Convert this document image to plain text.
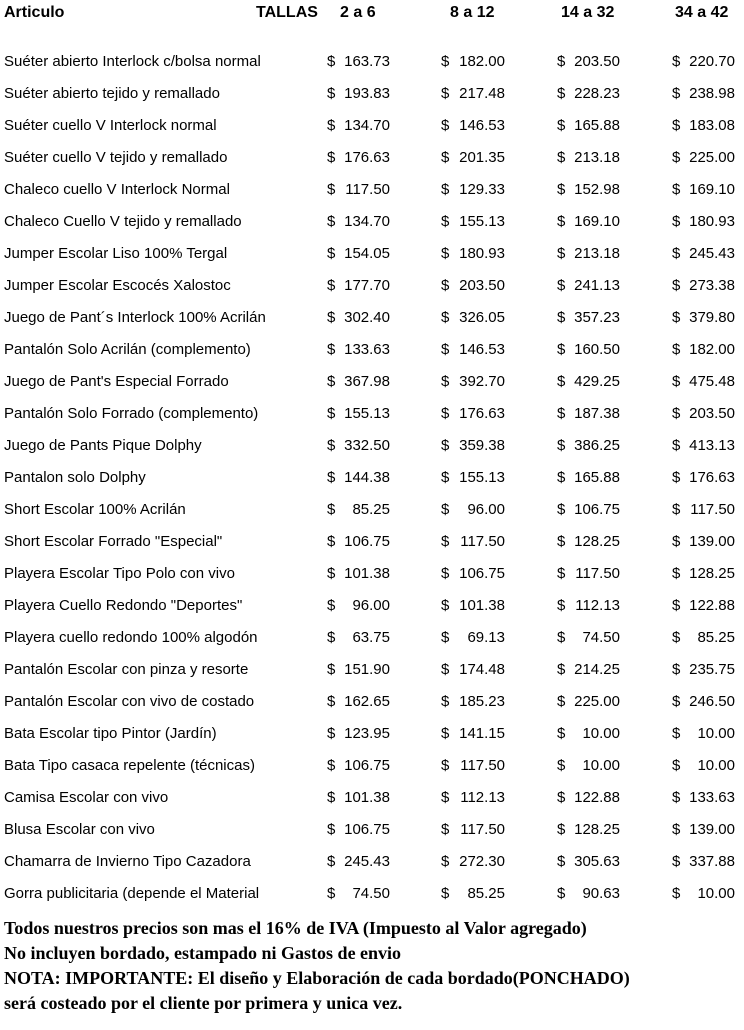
Articulo	TALLAS 2 a 6	8 a 12	14 a 32	34 a 42
Suéter abierto Interlock c/bolsa normal	$ 163.73	$ 182.00	$ 203.50	$ 220.70
Suéter abierto tejido y remallado	$ 193.83	$ 217.48	$ 228.23	$ 238.98
Suéter cuello V Interlock normal	$ 134.70	$ 146.53	$ 165.88	$ 183.08
Suéter cuello V tejido y remallado	$ 176.63	$ 201.35	$ 213.18	$ 225.00
Chaleco cuello V Interlock Normal	$ 117.50	$ 129.33	$ 152.98	$ 169.10
Chaleco Cuello V tejido y remallado	$ 134.70	$ 155.13	$ 169.10	$ 180.93
Jumper Escolar Liso 100% Tergal	$ 154.05	$ 180.93	$ 213.18	$ 245.43
Jumper Escolar Escocés Xalostoc	$ 177.70	$ 203.50	$ 241.13	$ 273.38
Juego de Pant´s Interlock 100% Acrilán	$ 302.40	$ 326.05	$ 357.23	$ 379.80
Pantalón Solo Acrilán (complemento)	$ 133.63	$ 146.53	$ 160.50	$ 182.00
Juego de Pant's Especial Forrado	$ 367.98	$ 392.70	$ 429.25	$ 475.48
Pantalón Solo Forrado (complemento)	$ 155.13	$ 176.63	$ 187.38	$ 203.50
Juego de Pants Pique Dolphy	$ 332.50	$ 359.38	$ 386.25	$ 413.13
Pantalon solo Dolphy	$ 144.38	$ 155.13	$ 165.88	$ 176.63
Short Escolar 100% Acrilán	$	85.25	$	96.00	$ 106.75	$ 117.50
Short Escolar Forrado "Especial"	$ 106.75	$ 117.50	$ 128.25	$ 139.00
Playera Escolar Tipo Polo con vivo	$ 101.38	$ 106.75	$ 117.50	$ 128.25
Playera Cuello Redondo "Deportes"	$	96.00	$ 101.38	$ 112.13	$ 122.88
Playera cuello redondo 100% algodón	$	63.75	$	69.13	$	74.50	$	85.25
Pantalón Escolar con pinza y resorte	$ 151.90	$ 174.48	$ 214.25	$ 235.75
Pantalón Escolar con vivo de costado	$ 162.65	$ 185.23	$ 225.00	$ 246.50
Bata Escolar tipo Pintor (Jardín)	$ 123.95	$ 141.15	$	10.00	$	10.00
Bata Tipo casaca repelente (técnicas)	$ 106.75	$ 117.50	$	10.00	$	10.00
Camisa Escolar con vivo	$ 101.38	$ 112.13	$ 122.88	$ 133.63
Blusa Escolar con vivo	$ 106.75	$ 117.50	$ 128.25	$ 139.00
Chamarra de Invierno Tipo Cazadora	$ 245.43	$ 272.30	$ 305.63	$ 337.88
Gorra publicitaria (depende el Material	$	74.50	$	85.25	$	90.63	$	10.00
Todos nuestros precios son mas el 16% de IVA (Impuesto al Valor agregado)
No incluyen bordado, estampado ni Gastos de envio
NOTA: IMPORTANTE: El diseño y Elaboración de cada bordado(PONCHADO)
será costeado por el cliente por primera y unica vez.
